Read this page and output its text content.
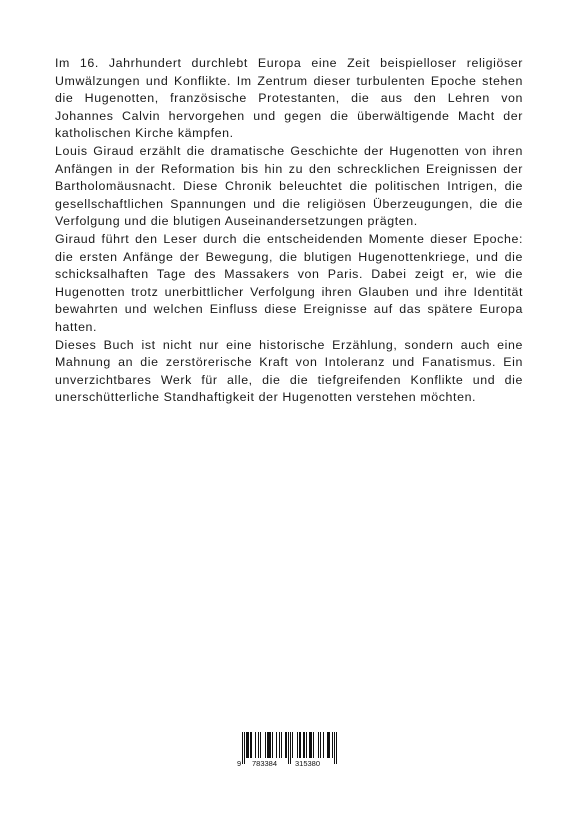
Im 16. Jahrhundert durchlebt Europa eine Zeit beispielloser religiöser Umwälzungen und Konflikte. Im Zentrum dieser turbulenten Epoche stehen die Hugenotten, französische Protestanten, die aus den Lehren von Johannes Calvin hervorgehen und gegen die überwältigende Macht der katholischen Kirche kämpfen.

Louis Giraud erzählt die dramatische Geschichte der Hugenotten von ihren Anfängen in der Reformation bis hin zu den schrecklichen Ereignissen der Bartholomäusnacht. Diese Chronik beleuchtet die politischen Intrigen, die gesellschaftlichen Spannungen und die religiösen Überzeugungen, die die Verfolgung und die blutigen Auseinandersetzungen prägten.

Giraud führt den Leser durch die entscheidenden Momente dieser Epoche: die ersten Anfänge der Bewegung, die blutigen Hugenottenkriege, und die schicksalhaften Tage des Massakers von Paris. Dabei zeigt er, wie die Hugenotten trotz unerbittlicher Verfolgung ihren Glauben und ihre Identität bewahrten und welchen Einfluss diese Ereignisse auf das spätere Europa hatten.

Dieses Buch ist nicht nur eine historische Erzählung, sondern auch eine Mahnung an die zerstörerische Kraft von Intoleranz und Fanatismus. Ein unverzichtbares Werk für alle, die die tiefgreifenden Konflikte und die unerschütterliche Standhaftigkeit der Hugenotten verstehen möchten.

9 783384 315380
